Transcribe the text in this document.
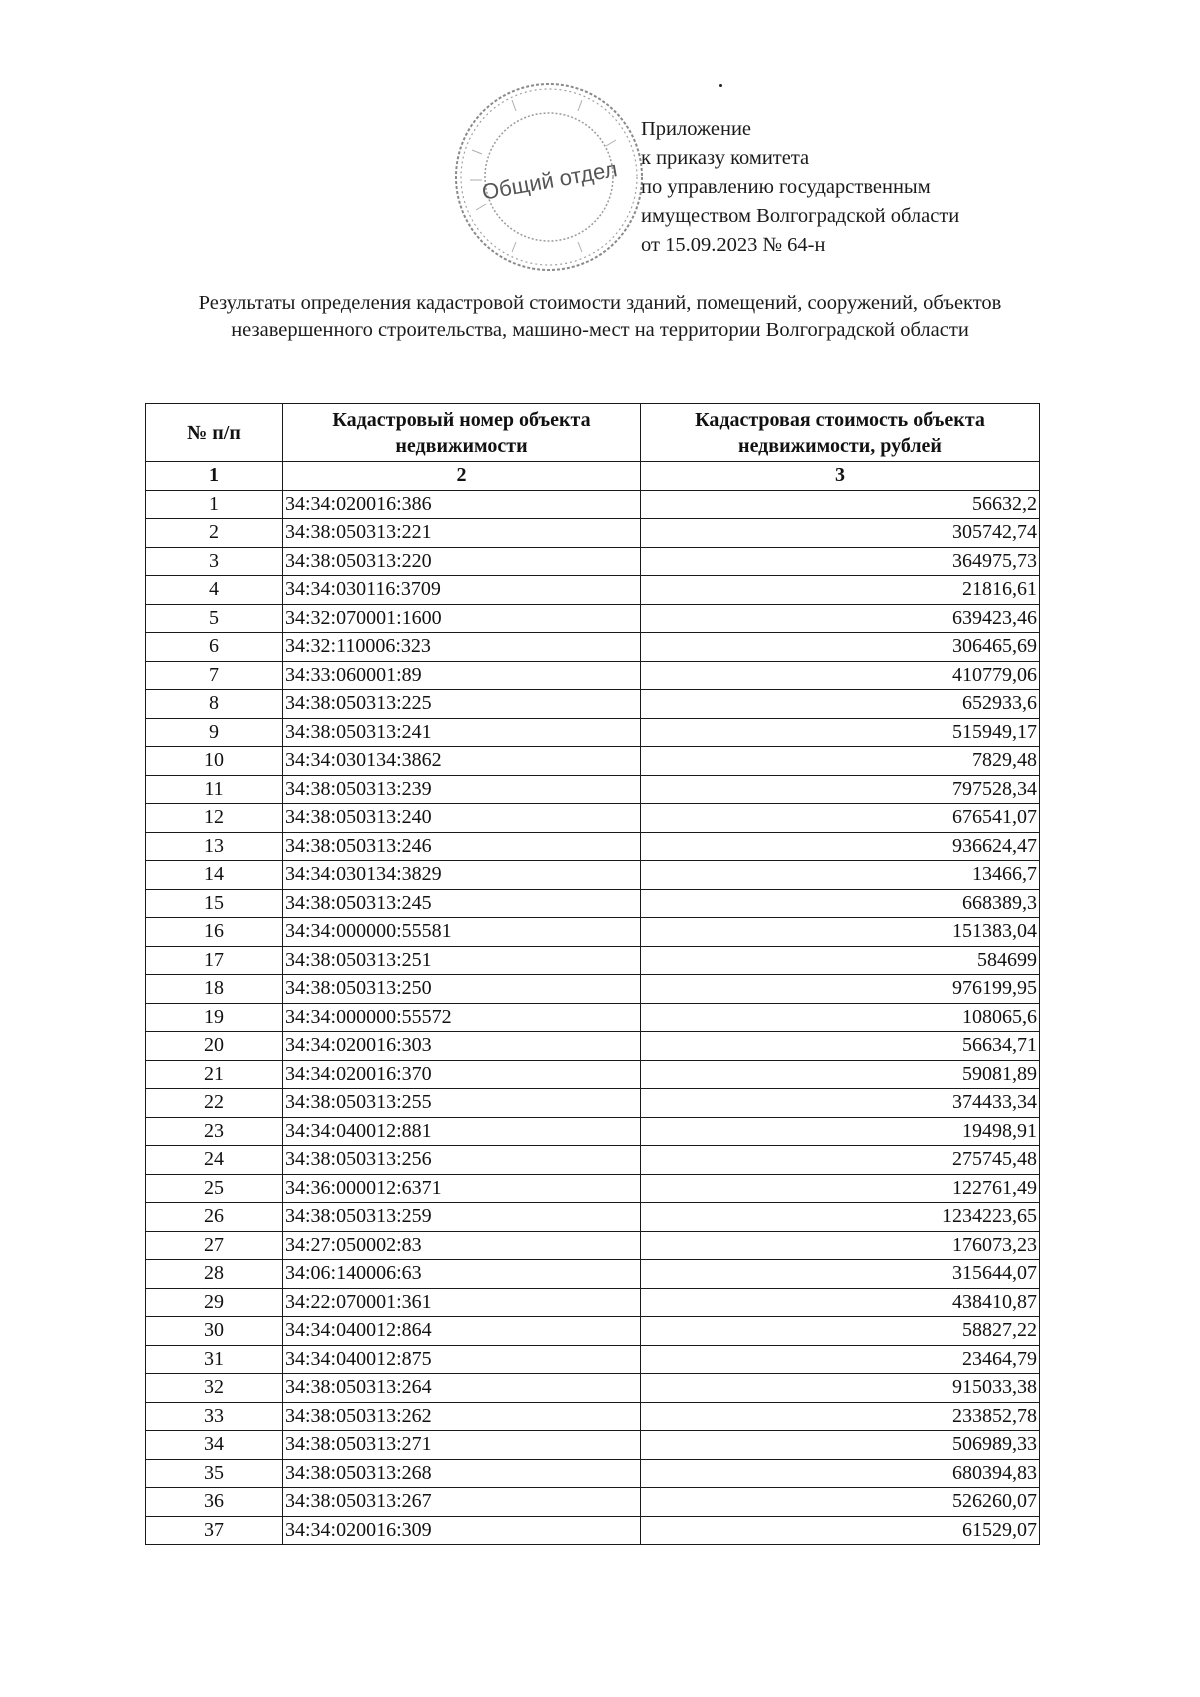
Общий отдел
Приложение
к приказу комитета
по управлению государственным
имуществом Волгоградской области
от 15.09.2023 № 64-н
Результаты определения кадастровой стоимости зданий, помещений, сооружений, объектов незавершенного строительства, машино-мест на территории Волгоградской области
№ п/п	Кадастровый номер объекта недвижимости	Кадастровая стоимость объекта недвижимости, рублей
1	2	3
1	34:34:020016:386	56632,2
2	34:38:050313:221	305742,74
3	34:38:050313:220	364975,73
4	34:34:030116:3709	21816,61
5	34:32:070001:1600	639423,46
6	34:32:110006:323	306465,69
7	34:33:060001:89	410779,06
8	34:38:050313:225	652933,6
9	34:38:050313:241	515949,17
10	34:34:030134:3862	7829,48
11	34:38:050313:239	797528,34
12	34:38:050313:240	676541,07
13	34:38:050313:246	936624,47
14	34:34:030134:3829	13466,7
15	34:38:050313:245	668389,3
16	34:34:000000:55581	151383,04
17	34:38:050313:251	584699
18	34:38:050313:250	976199,95
19	34:34:000000:55572	108065,6
20	34:34:020016:303	56634,71
21	34:34:020016:370	59081,89
22	34:38:050313:255	374433,34
23	34:34:040012:881	19498,91
24	34:38:050313:256	275745,48
25	34:36:000012:6371	122761,49
26	34:38:050313:259	1234223,65
27	34:27:050002:83	176073,23
28	34:06:140006:63	315644,07
29	34:22:070001:361	438410,87
30	34:34:040012:864	58827,22
31	34:34:040012:875	23464,79
32	34:38:050313:264	915033,38
33	34:38:050313:262	233852,78
34	34:38:050313:271	506989,33
35	34:38:050313:268	680394,83
36	34:38:050313:267	526260,07
37	34:34:020016:309	61529,07
